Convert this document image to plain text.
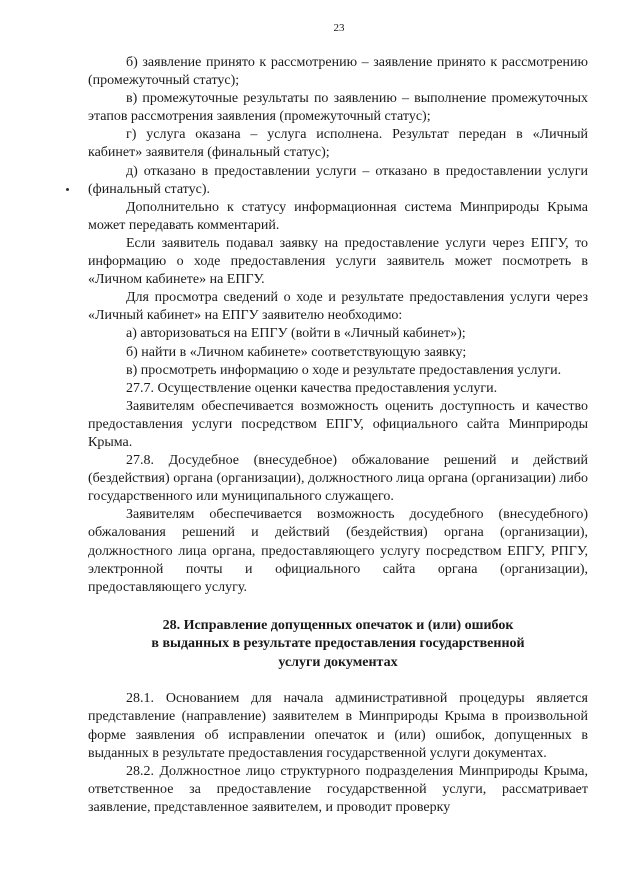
23

б) заявление принято к рассмотрению – заявление принято к рассмотрению (промежуточный статус);

в) промежуточные результаты по заявлению – выполнение промежуточных этапов рассмотрения заявления (промежуточный статус);

г) услуга оказана – услуга исполнена. Результат передан в «Личный кабинет» заявителя (финальный статус);

д) отказано в предоставлении услуги – отказано в предоставлении услуги (финальный статус).

Дополнительно к статусу информационная система Минприроды Крыма может передавать комментарий.

Если заявитель подавал заявку на предоставление услуги через ЕПГУ, то информацию о ходе предоставления услуги заявитель может посмотреть в «Личном кабинете» на ЕПГУ.

Для просмотра сведений о ходе и результате предоставления услуги через «Личный кабинет» на ЕПГУ заявителю необходимо:

а) авторизоваться на ЕПГУ (войти в «Личный кабинет»);

б) найти в «Личном кабинете» соответствующую заявку;

в) просмотреть информацию о ходе и результате предоставления услуги.

27.7. Осуществление оценки качества предоставления услуги.

Заявителям обеспечивается возможность оценить доступность и качество предоставления услуги посредством ЕПГУ, официального сайта Минприроды Крыма.

27.8. Досудебное (внесудебное) обжалование решений и действий (бездействия) органа (организации), должностного лица органа (организации) либо государственного или муниципального служащего.

Заявителям обеспечивается возможность досудебного (внесудебного) обжалования решений и действий (бездействия) органа (организации), должностного лица органа, предоставляющего услугу посредством ЕПГУ, РПГУ, электронной почты и официального сайта органа (организации), предоставляющего услугу.

28. Исправление допущенных опечаток и (или) ошибок
в выданных в результате предоставления государственной
услуги документах

28.1. Основанием для начала административной процедуры является представление (направление) заявителем в Минприроды Крыма в произвольной форме заявления об исправлении опечаток и (или) ошибок, допущенных в выданных в результате предоставления государственной услуги документах.

28.2. Должностное лицо структурного подразделения Минприроды Крыма, ответственное за предоставление государственной услуги, рассматривает заявление, представленное заявителем, и проводит проверку
